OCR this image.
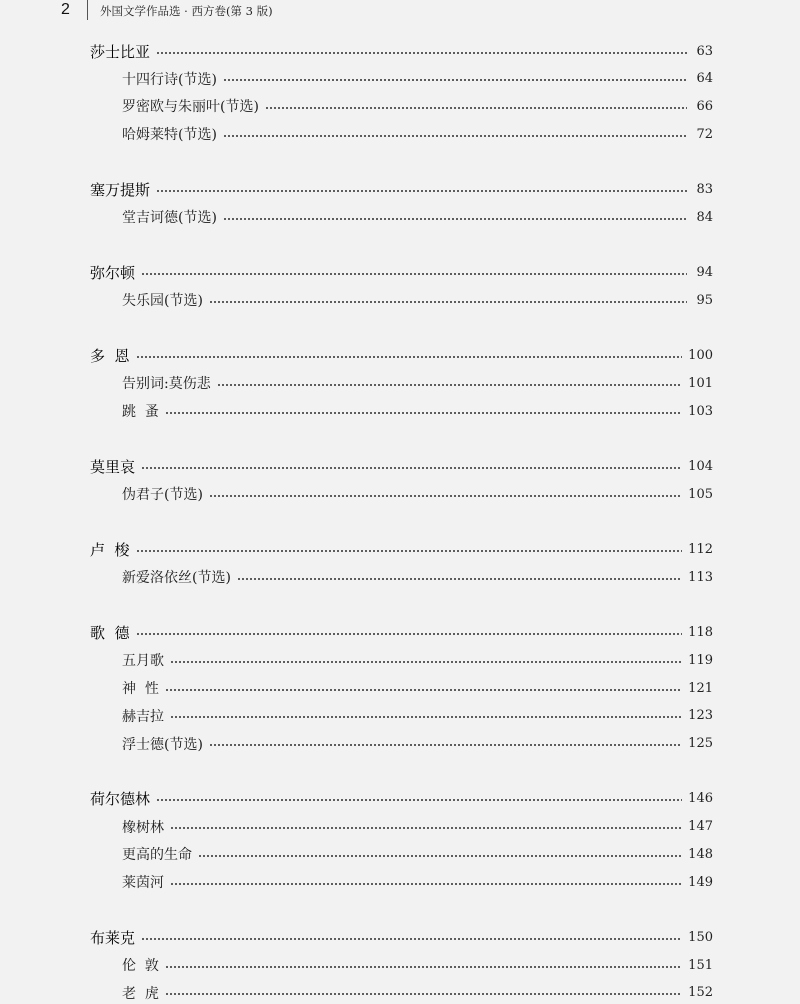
2	外国文学作品选 · 西方卷(第 3 版)
莎士比亚	63
十四行诗(节选)	64
罗密欧与朱丽叶(节选)	66
哈姆莱特(节选)	72
塞万提斯	83
堂吉诃德(节选)	84
弥尔顿	94
失乐园(节选)	95
多  恩	100
告别词:莫伤悲	101
跳  蚤	103
莫里哀	104
伪君子(节选)	105
卢  梭	112
新爱洛依丝(节选)	113
歌  德	118
五月歌	119
神  性	121
赫吉拉	123
浮士德(节选)	125
荷尔德林	146
橡树林	147
更高的生命	148
莱茵河	149
布莱克	150
伦  敦	151
老  虎	152
